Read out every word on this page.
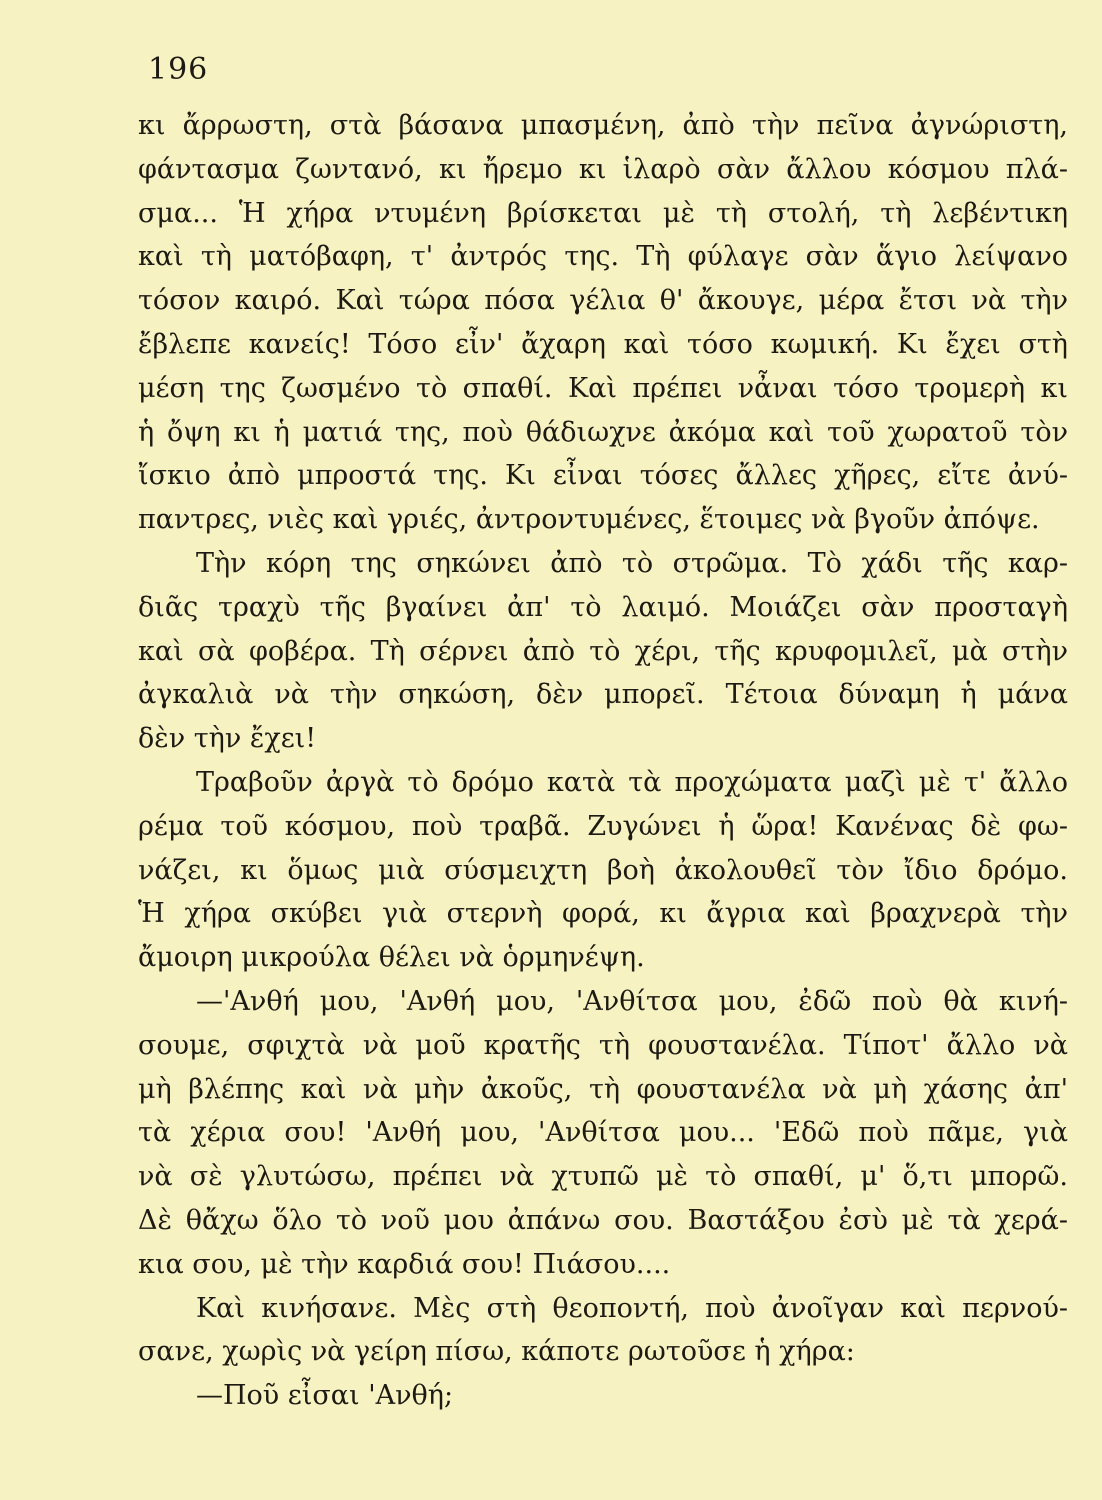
196
κι ἄρρωστη, στὰ βάσανα μπασμένη, ἀπὸ τὴν πεῖνα ἀγνώριστη,
φάντασμα ζωντανό, κι ἤρεμο κι ἱλαρὸ σὰν ἄλλου κόσμου πλά-
σμα... Ἡ χήρα ντυμένη βρίσκεται μὲ τὴ στολή, τὴ λεβέντικη
καὶ τὴ ματόβαφη, τ' ἀντρός της. Τὴ φύλαγε σὰν ἅγιο λείψανο
τόσον καιρό. Καὶ τώρα πόσα γέλια θ' ἄκουγε, μέρα ἔτσι νὰ τὴν
ἔβλεπε κανείς! Τόσο εἶν' ἄχαρη καὶ τόσο κωμική. Κι ἔχει στὴ
μέση της ζωσμένο τὸ σπαθί. Καὶ πρέπει νἆναι τόσο τρομερὴ κι
ἡ ὄψη κι ἡ ματιά της, ποὺ θάδιωχνε ἀκόμα καὶ τοῦ χωρατοῦ τὸν
ἴσκιο ἀπὸ μπροστά της. Κι εἶναι τόσες ἄλλες χῆρες, εἴτε ἀνύ-
παντρες, νιὲς καὶ γριές, ἀντροντυμένες, ἕτοιμες νὰ βγοῦν ἀπόψε.
Τὴν κόρη της σηκώνει ἀπὸ τὸ στρῶμα. Τὸ χάδι τῆς καρ-
διᾶς τραχὺ τῆς βγαίνει ἀπ' τὸ λαιμό. Μοιάζει σὰν προσταγὴ
καὶ σὰ φοβέρα. Τὴ σέρνει ἀπὸ τὸ χέρι, τῆς κρυφομιλεῖ, μὰ στὴν
ἀγκαλιὰ νὰ τὴν σηκώση, δὲν μπορεῖ. Τέτοια δύναμη ἡ μάνα
δὲν τὴν ἔχει!
Τραβοῦν ἀργὰ τὸ δρόμο κατὰ τὰ προχώματα μαζὶ μὲ τ' ἄλλο
ρέμα τοῦ κόσμου, ποὺ τραβᾶ. Ζυγώνει ἡ ὥρα! Κανένας δὲ φω-
νάζει, κι ὅμως μιὰ σύσμειχτη βοὴ ἀκολουθεῖ τὸν ἴδιο δρόμο.
Ἡ χήρα σκύβει γιὰ στερνὴ φορά, κι ἄγρια καὶ βραχνερὰ τὴν
ἄμοιρη μικρούλα θέλει νὰ ὁρμηνέψη.
—'Ανθή μου, 'Ανθή μου, 'Ανθίτσα μου, ἐδῶ ποὺ θὰ κινή-
σουμε, σφιχτὰ νὰ μοῦ κρατῆς τὴ φουστανέλα. Τίποτ' ἄλλο νὰ
μὴ βλέπης καὶ νὰ μὴν ἀκοῦς, τὴ φουστανέλα νὰ μὴ χάσης ἀπ'
τὰ χέρια σου! 'Ανθή μου, 'Ανθίτσα μου... 'Εδῶ ποὺ πᾶμε, γιὰ
νὰ σὲ γλυτώσω, πρέπει νὰ χτυπῶ μὲ τὸ σπαθί, μ' ὅ,τι μπορῶ.
Δὲ θἄχω ὅλο τὸ νοῦ μου ἀπάνω σου. Βαστάξου ἐσὺ μὲ τὰ χερά-
κια σου, μὲ τὴν καρδιά σου! Πιάσου....
Καὶ κινήσανε. Μὲς στὴ θεοποντή, ποὺ ἀνοῖγαν καὶ περνού-
σανε, χωρὶς νὰ γείρη πίσω, κάποτε ρωτοῦσε ἡ χήρα:
—Ποῦ εἶσαι 'Ανθή;
